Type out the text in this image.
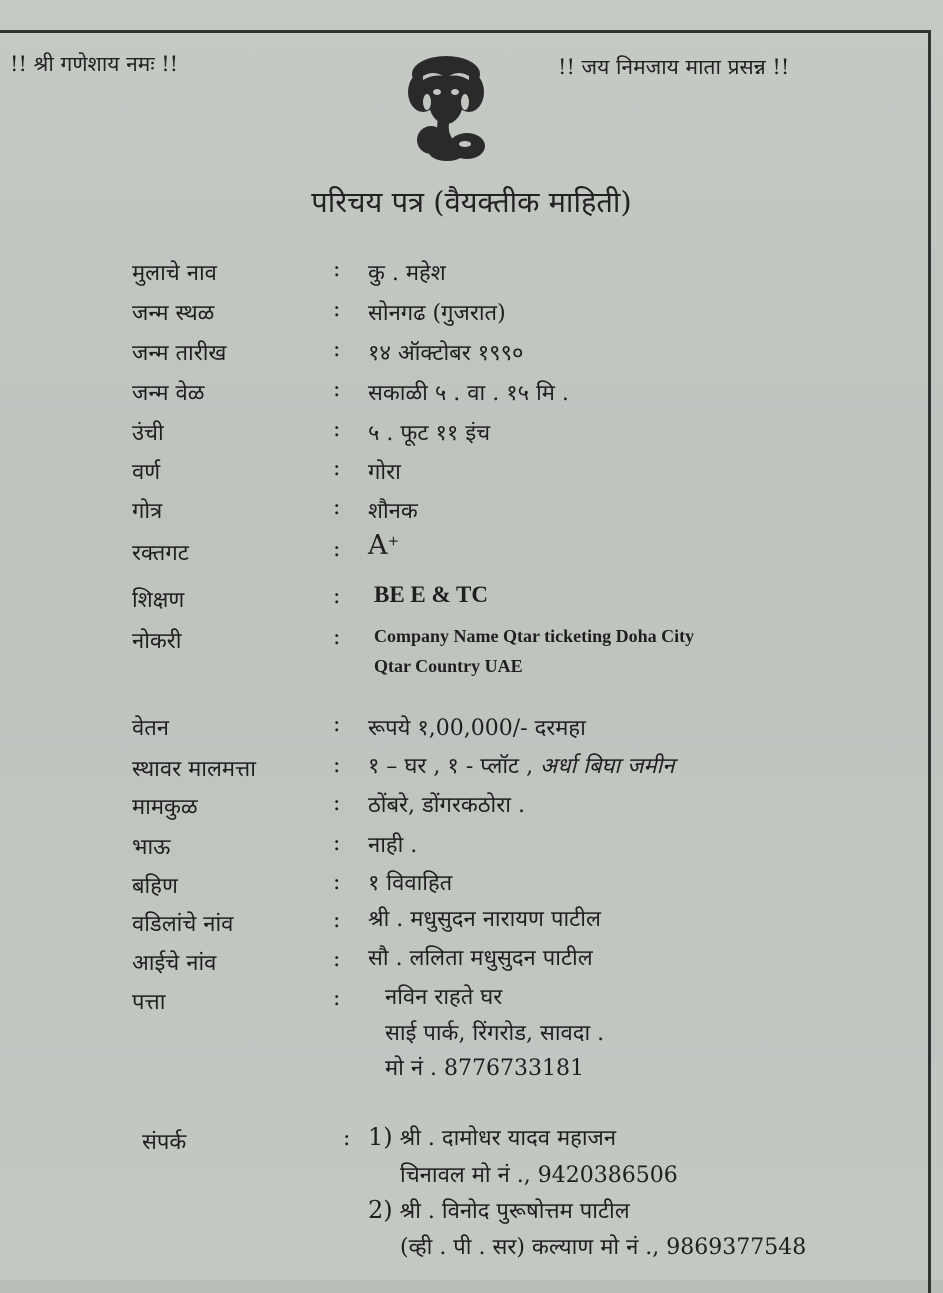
!! श्री गणेशाय नमः !!	!! जय निमजाय माता प्रसन्न !!
परिचय पत्र (वैयक्तीक माहिती)
मुलाचे नाव	: कु . महेश
जन्म स्थळ	: सोनगढ (गुजरात)
जन्म तारीख	: १४ ऑक्टोबर १९९०
जन्म वेळ	: सकाळी ५ . वा . १५ मि .
उंची	: ५ . फूट ११ इंच
वर्ण	: गोरा
गोत्र	: शौनक
रक्तगट	: A+
शिक्षण	: BE E & TC
नोकरी	: Company Name Qtar ticketing Doha City
Qtar Country UAE
वेतन	: रूपये १,00,000/- दरमहा
स्थावर मालमत्ता	: १ – घर , १ - प्लॉट , अर्धा बिघा जमीन
मामकुळ	: ठोंबरे, डोंगरकठोरा .
भाऊ	: नाही .
बहिण	: १ विवाहित
वडिलांचे नांव	: श्री . मधुसुदन नारायण पाटील
आईचे नांव	: सौ . ललिता मधुसुदन पाटील
पत्ता	: नविन राहते घर
साई पार्क, रिंगरोड, सावदा .
मो नं . 8776733181
संपर्क	: 1) श्री . दामोधर यादव महाजन
चिनावल मो नं ., 9420386506
2) श्री . विनोद पुरूषोत्तम पाटील
(व्ही . पी . सर) कल्याण मो नं ., 9869377548
